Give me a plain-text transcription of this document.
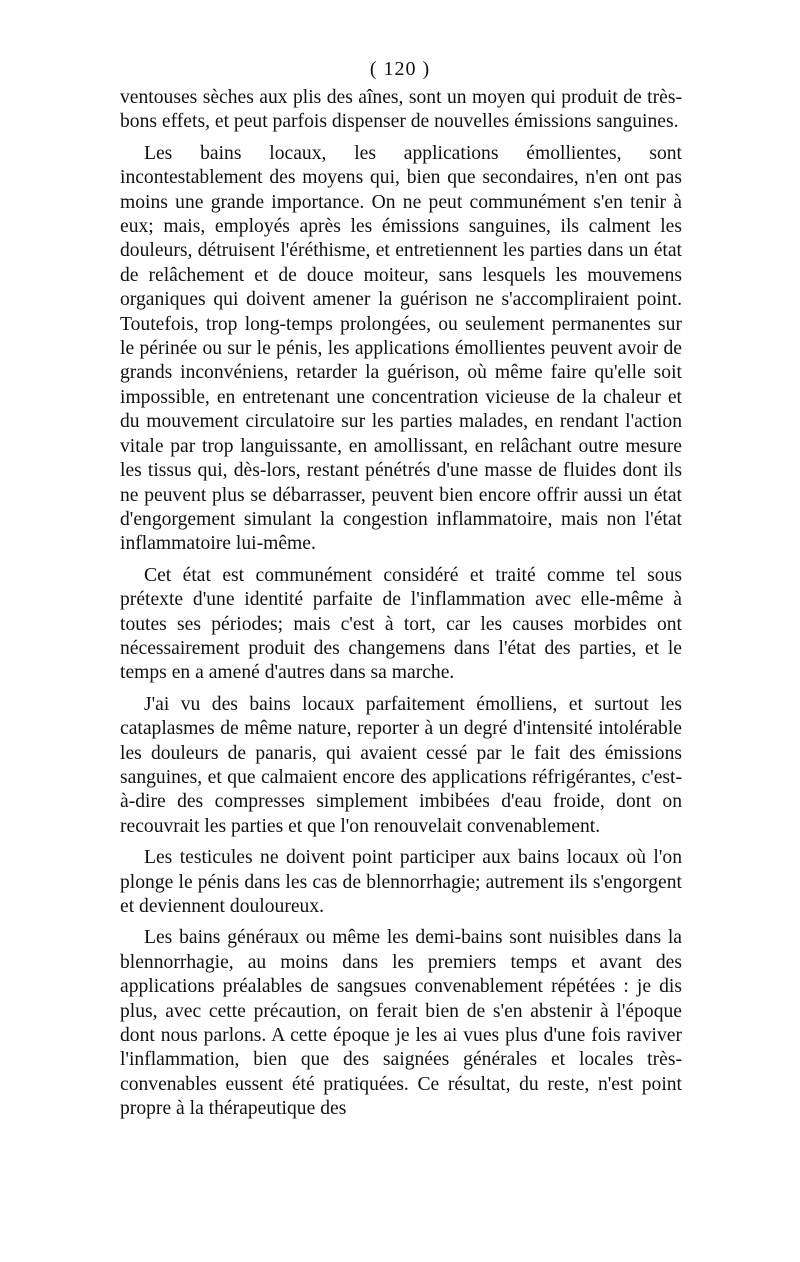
( 120 )

ventouses sèches aux plis des aînes, sont un moyen qui produit de très-bons effets, et peut parfois dispenser de nouvelles émissions sanguines.

Les bains locaux, les applications émollientes, sont incontestablement des moyens qui, bien que secondaires, n'en ont pas moins une grande importance. On ne peut communément s'en tenir à eux; mais, employés après les émissions sanguines, ils calment les douleurs, détruisent l'éréthisme, et entretiennent les parties dans un état de relâchement et de douce moiteur, sans lesquels les mouvemens organiques qui doivent amener la guérison ne s'accompliraient point. Toutefois, trop long-temps prolongées, ou seulement permanentes sur le périnée ou sur le pénis, les applications émollientes peuvent avoir de grands inconvéniens, retarder la guérison, où même faire qu'elle soit impossible, en entretenant une concentration vicieuse de la chaleur et du mouvement circulatoire sur les parties malades, en rendant l'action vitale par trop languissante, en amollissant, en relâchant outre mesure les tissus qui, dès-lors, restant pénétrés d'une masse de fluides dont ils ne peuvent plus se débarrasser, peuvent bien encore offrir aussi un état d'engorgement simulant la congestion inflammatoire, mais non l'état inflammatoire lui-même.

Cet état est communément considéré et traité comme tel sous prétexte d'une identité parfaite de l'inflammation avec elle-même à toutes ses périodes; mais c'est à tort, car les causes morbides ont nécessairement produit des changemens dans l'état des parties, et le temps en a amené d'autres dans sa marche.

J'ai vu des bains locaux parfaitement émolliens, et surtout les cataplasmes de même nature, reporter à un degré d'intensité intolérable les douleurs de panaris, qui avaient cessé par le fait des émissions sanguines, et que calmaient encore des applications réfrigérantes, c'est-à-dire des compresses simplement imbibées d'eau froide, dont on recouvrait les parties et que l'on renouvelait convenablement.

Les testicules ne doivent point participer aux bains locaux où l'on plonge le pénis dans les cas de blennorrhagie; autrement ils s'engorgent et deviennent douloureux.

Les bains généraux ou même les demi-bains sont nuisibles dans la blennorrhagie, au moins dans les premiers temps et avant des applications préalables de sangsues convenablement répétées : je dis plus, avec cette précaution, on ferait bien de s'en abstenir à l'époque dont nous parlons. A cette époque je les ai vues plus d'une fois raviver l'inflammation, bien que des saignées générales et locales très-convenables eussent été pratiquées. Ce résultat, du reste, n'est point propre à la thérapeutique des
